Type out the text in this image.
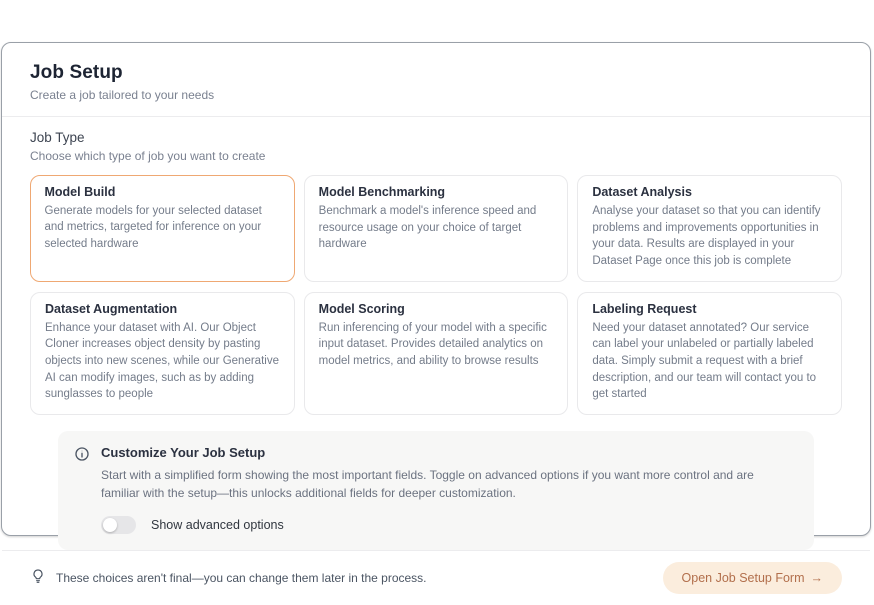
Job Setup
Create a job tailored to your needs
Job Type
Choose which type of job you want to create
Model Build
Generate models for your selected dataset and metrics, targeted for inference on your selected hardware
Model Benchmarking
Benchmark a model's inference speed and resource usage on your choice of target hardware
Dataset Analysis
Analyse your dataset so that you can identify problems and improvements opportunities in your data. Results are displayed in your Dataset Page once this job is complete
Dataset Augmentation
Enhance your dataset with AI. Our Object Cloner increases object density by pasting objects into new scenes, while our Generative AI can modify images, such as by adding sunglasses to people
Model Scoring
Run inferencing of your model with a specific input dataset. Provides detailed analytics on model metrics, and ability to browse results
Labeling Request
Need your dataset annotated? Our service can label your unlabeled or partially labeled data. Simply submit a request with a brief description, and our team will contact you to get started
Customize Your Job Setup
Start with a simplified form showing the most important fields. Toggle on advanced options if you want more control and are familiar with the setup—this unlocks additional fields for deeper customization.
Show advanced options
These choices aren't final—you can change them later in the process.	Open Job Setup Form →
